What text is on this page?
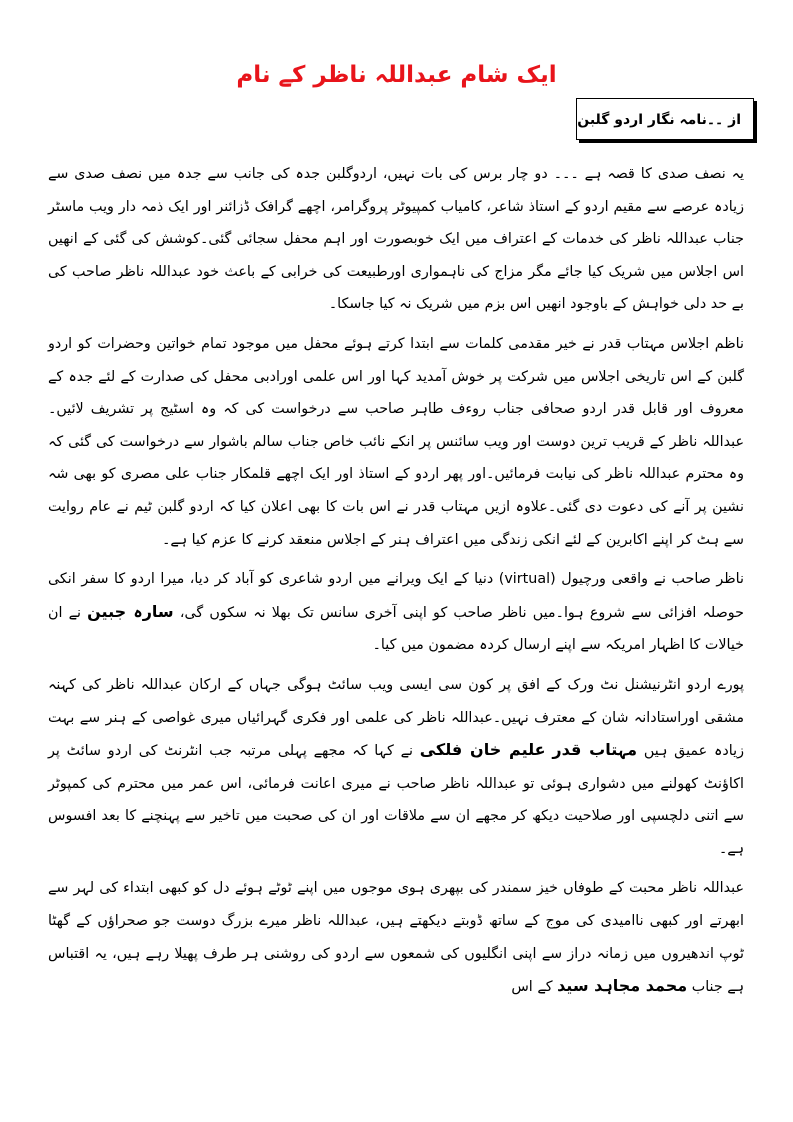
ایک شام عبداللہ ناظر کے نام
از ۔۔نامہ نگار اردو گلبن

یہ نصف صدی کا قصہ ہے ۔۔۔ دو چار برس کی بات نہیں، اردوگلبن جدہ کی جانب سے جدہ میں نصف صدی سے زیادہ عرصے سے مقیم اردو کے استاذ شاعر، کامیاب کمپیوٹر پروگرامر، اچھے گرافک ڈزائنر اور ایک ذمہ دار ویب ماسٹر جناب عبداللہ ناظر کی خدمات کے اعتراف میں ایک خوبصورت اور اہم محفل سجائی گئی۔کوشش کی گئی کے انھیں اس اجلاس میں شریک کیا جائے مگر مزاج کی ناہمواری اورطبیعت کی خرابی کے باعث خود عبداللہ ناظر صاحب کی بے حد دلی خواہش کے باوجود انھیں اس بزم میں شریک نہ کیا جاسکا۔

ناظم اجلاس مہتاب قدر نے خیر مقدمی کلمات سے ابتدا کرتے ہوئے محفل میں موجود تمام خواتین وحضرات کو اردو گلبن کے اس تاریخی اجلاس میں شرکت پر خوش آمدید کہا اور اس علمی اورادبی محفل کی صدارت کے لئے جدہ کے معروف اور قابل قدر اردو صحافی جناب روءف طاہر صاحب سے درخواست کی کہ وہ اسٹیج پر تشریف لائیں۔ عبداللہ ناظر کے قریب ترین دوست اور ویب سائنس پر انکے نائب خاص جناب سالم باشوار سے درخواست کی گئی کہ وہ محترم عبداللہ ناظر کی نیابت فرمائیں۔اور پھر اردو کے استاذ اور ایک اچھے قلمکار جناب علی مصری کو بھی شہ نشین پر آنے کی دعوت دی گئی۔علاوہ ازیں مہتاب قدر نے اس بات کا بھی اعلان کیا کہ اردو گلبن ٹیم نے عام روایت سے ہٹ کر اپنے اکابرین کے لئے انکی زندگی میں اعتراف ہنر کے اجلاس منعقد کرنے کا عزم کیا ہے۔

ناظر صاحب نے واقعی ورچیول (virtual) دنیا کے ایک ویرانے میں اردو شاعری کو آباد کر دیا، میرا اردو کا سفر انکی حوصلہ افزائی سے شروع ہوا۔میں ناظر صاحب کو اپنی آخری سانس تک بھلا نہ سکوں گی، سارہ جبین نے ان خیالات کا اظہار امریکہ سے اپنے ارسال کردہ مضمون میں کیا۔

پورے اردو انٹرنیشنل نٹ ورک کے افق پر کون سی ایسی ویب سائٹ ہوگی جہاں کے ارکان عبداللہ ناظر کی کہنہ مشقی اوراستادانہ شان کے معترف نہیں۔عبداللہ ناظر کی علمی اور فکری گہرائیاں میری غواصی کے ہنر سے بہت زیادہ عمیق ہیں مہتاب قدر علیم خان فلکی نے کہا کہ مجھے پہلی مرتبہ جب انٹرنٹ کی اردو سائٹ پر اکاؤنٹ کھولنے میں دشواری ہوئی تو عبداللہ ناظر صاحب نے میری اعانت فرمائی، اس عمر میں محترم کی کمپوٹر سے اتنی دلچسپی اور صلاحیت دیکھ کر مجھے ان سے ملاقات اور ان کی صحبت میں تاخیر سے پہنچنے کا بعد افسوس ہے۔

عبداللہ ناظر محبت کے طوفاں خیز سمندر کی بپھری ہوی موجوں میں اپنے ٹوٹے ہوئے دل کو کبھی ابتداء کی لہر سے ابھرتے اور کبھی ناامیدی کی موج کے ساتھ ڈوبتے دیکھتے ہیں، عبداللہ ناظر میرے بزرگ دوست جو صحراؤں کے گھٹا ٹوپ اندھیروں میں زمانہ دراز سے اپنی انگلیوں کی شمعوں سے اردو کی روشنی ہر طرف پھیلا رہے ہیں، یہ اقتباس ہے جناب محمد مجاہد سید کے اس
